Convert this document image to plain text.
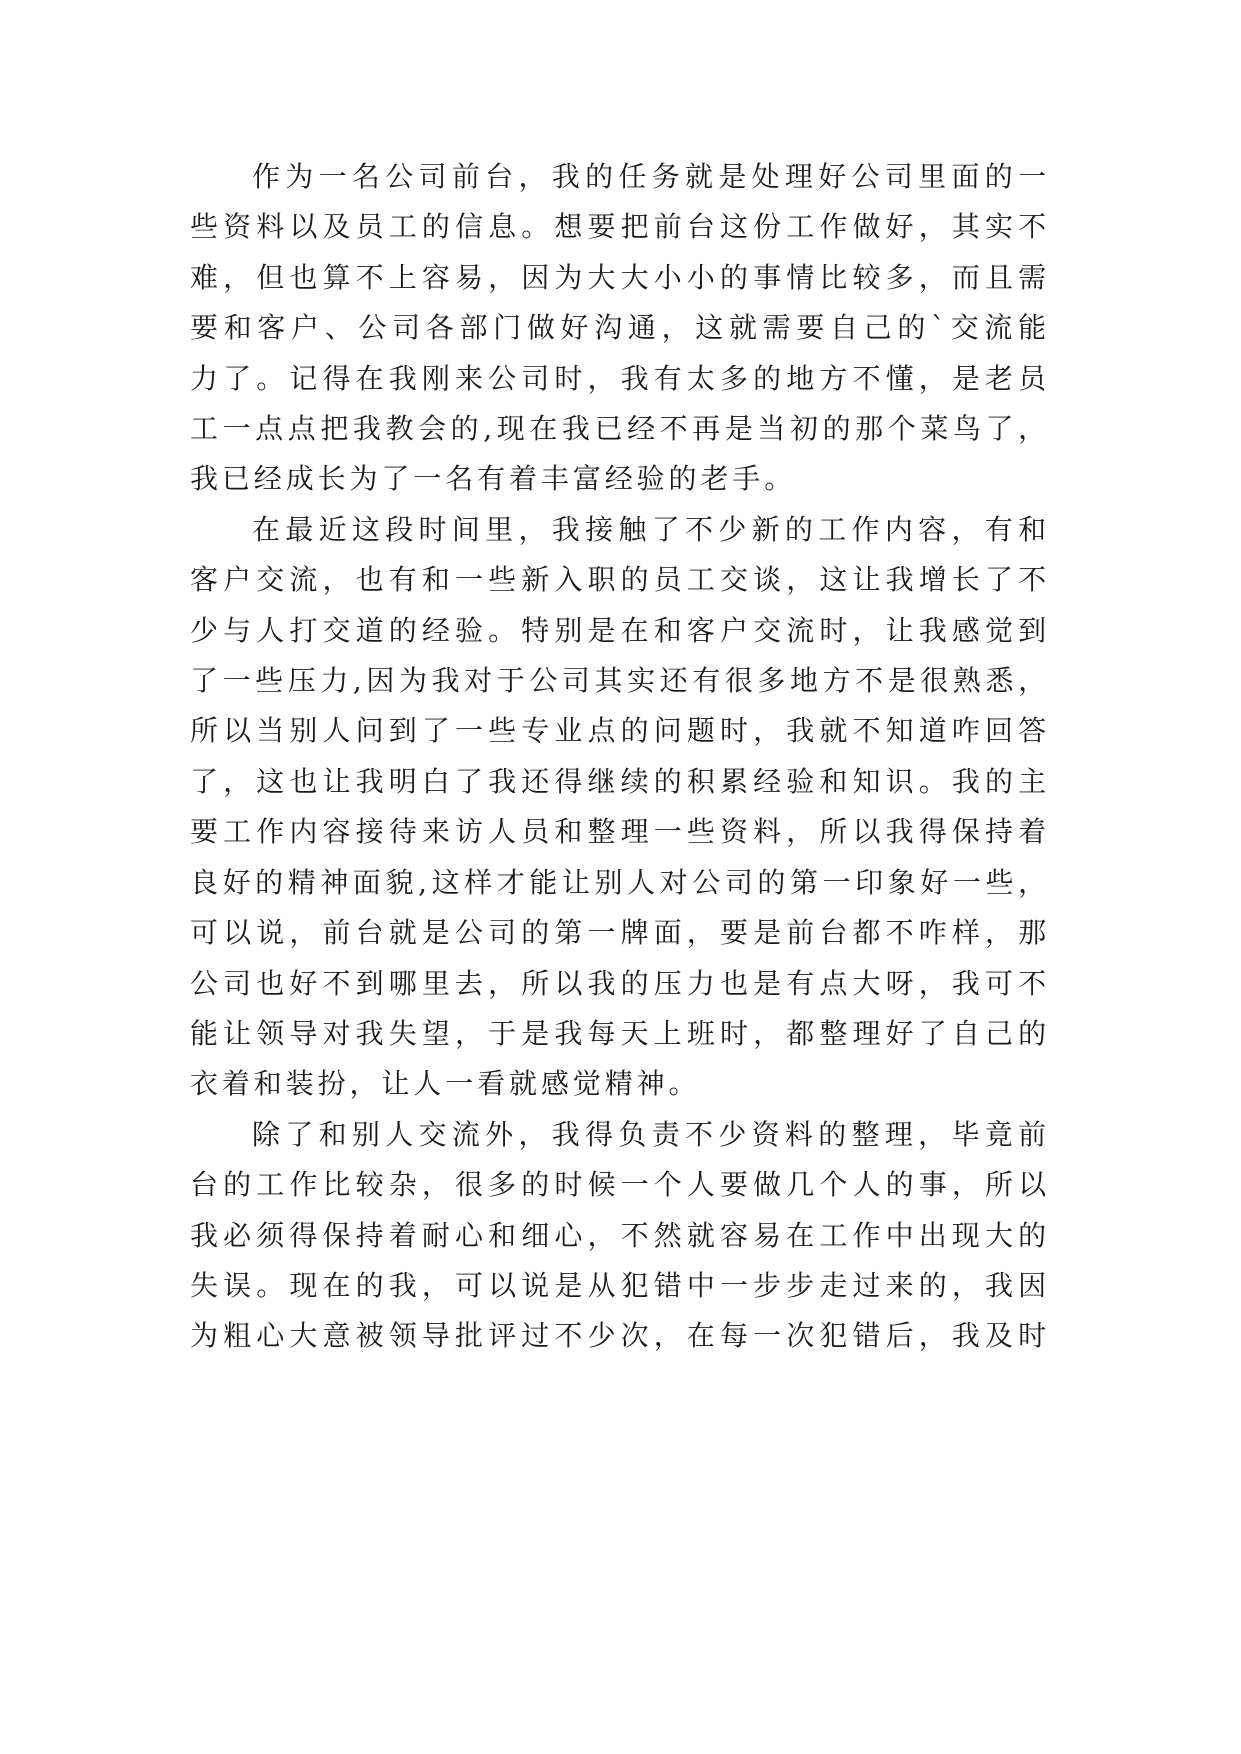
作为一名公司前台，我的任务就是处理好公司里面的一
些资料以及员工的信息。想要把前台这份工作做好，其实不
难，但也算不上容易，因为大大小小的事情比较多，而且需
要和客户、公司各部门做好沟通，这就需要自己的`交流能
力了。记得在我刚来公司时，我有太多的地方不懂，是老员
工一点点把我教会的,现在我已经不再是当初的那个菜鸟了，
我已经成长为了一名有着丰富经验的老手。

在最近这段时间里，我接触了不少新的工作内容，有和
客户交流，也有和一些新入职的员工交谈，这让我增长了不
少与人打交道的经验。特别是在和客户交流时，让我感觉到
了一些压力,因为我对于公司其实还有很多地方不是很熟悉，
所以当别人问到了一些专业点的问题时，我就不知道咋回答
了，这也让我明白了我还得继续的积累经验和知识。我的主
要工作内容接待来访人员和整理一些资料，所以我得保持着
良好的精神面貌,这样才能让别人对公司的第一印象好一些，
可以说，前台就是公司的第一牌面，要是前台都不咋样，那
公司也好不到哪里去，所以我的压力也是有点大呀，我可不
能让领导对我失望，于是我每天上班时，都整理好了自己的
衣着和装扮，让人一看就感觉精神。

除了和别人交流外，我得负责不少资料的整理，毕竟前
台的工作比较杂，很多的时候一个人要做几个人的事，所以
我必须得保持着耐心和细心，不然就容易在工作中出现大的
失误。现在的我，可以说是从犯错中一步步走过来的，我因
为粗心大意被领导批评过不少次，在每一次犯错后，我及时
